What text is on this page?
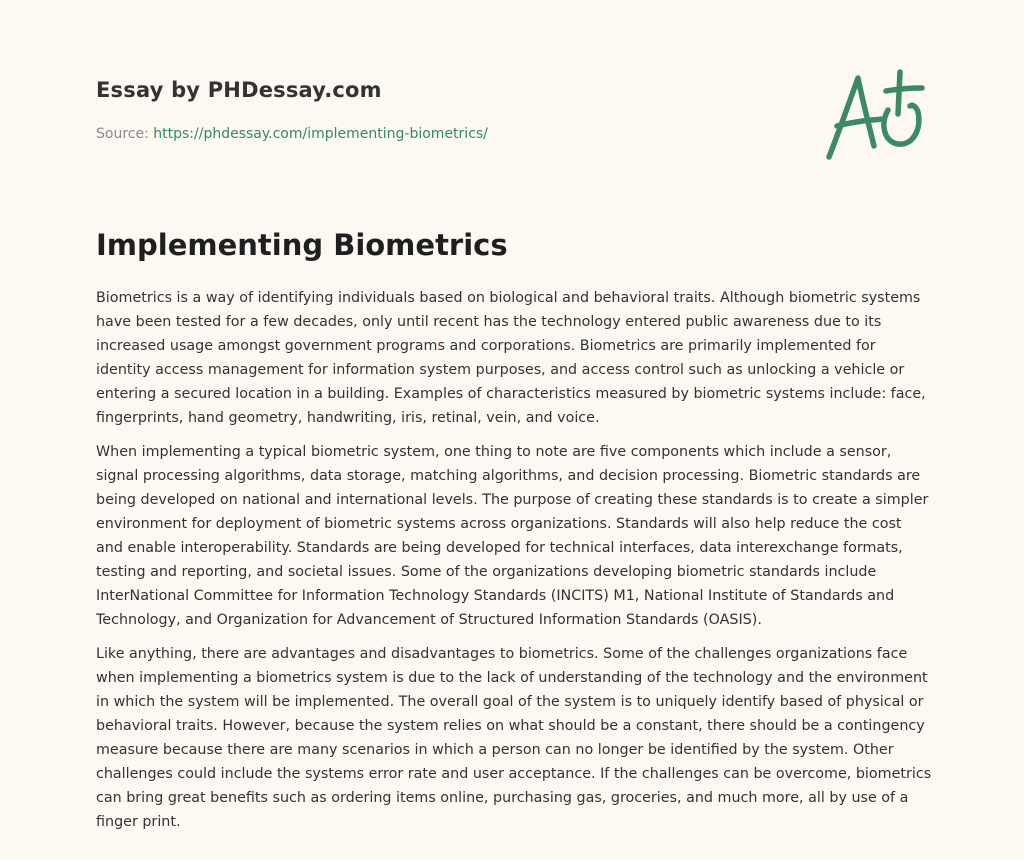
Essay by PHDessay.com
Source: https://phdessay.com/implementing-biometrics/
Implementing Biometrics

Biometrics is a way of identifying individuals based on biological and behavioral traits. Although biometric systems have been tested for a few decades, only until recent has the technology entered public awareness due to its increased usage amongst government programs and corporations. Biometrics are primarily implemented for identity access management for information system purposes, and access control such as unlocking a vehicle or entering a secured location in a building. Examples of characteristics measured by biometric systems include: face, fingerprints, hand geometry, handwriting, iris, retinal, vein, and voice.

When implementing a typical biometric system, one thing to note are five components which include a sensor, signal processing algorithms, data storage, matching algorithms, and decision processing. Biometric standards are being developed on national and international levels. The purpose of creating these standards is to create a simpler environment for deployment of biometric systems across organizations. Standards will also help reduce the cost and enable interoperability. Standards are being developed for technical interfaces, data interexchange formats, testing and reporting, and societal issues. Some of the organizations developing biometric standards include InterNational Committee for Information Technology Standards (INCITS) M1, National Institute of Standards and Technology, and Organization for Advancement of Structured Information Standards (OASIS).

Like anything, there are advantages and disadvantages to biometrics. Some of the challenges organizations face when implementing a biometrics system is due to the lack of understanding of the technology and the environment in which the system will be implemented. The overall goal of the system is to uniquely identify based of physical or behavioral traits. However, because the system relies on what should be a constant, there should be a contingency measure because there are many scenarios in which a person can no longer be identified by the system. Other challenges could include the systems error rate and user acceptance. If the challenges can be overcome, biometrics can bring great benefits such as ordering items online, purchasing gas, groceries, and much more, all by use of a finger print.
